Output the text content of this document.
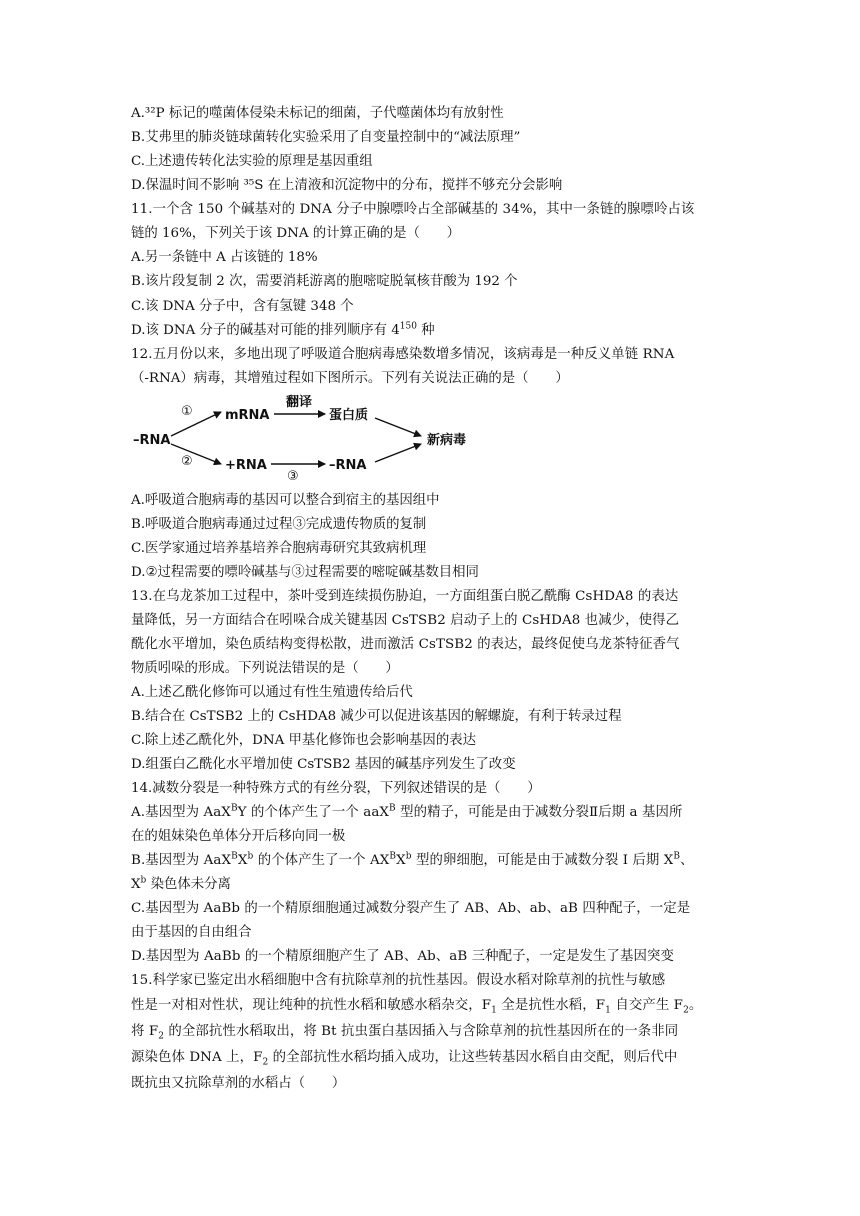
A.³²P 标记的噬菌体侵染未标记的细菌，子代噬菌体均有放射性
B.艾弗里的肺炎链球菌转化实验采用了自变量控制中的“减法原理”
C.上述遗传转化法实验的原理是基因重组
D.保温时间不影响 ³⁵S 在上清液和沉淀物中的分布，搅拌不够充分会影响
11.一个含 150 个碱基对的 DNA 分子中腺嘌呤占全部碱基的 34%，其中一条链的腺嘌呤占该
链的 16%，下列关于该 DNA 的计算正确的是（　　）
A.另一条链中 A 占该链的 18%
B.该片段复制 2 次，需要消耗游离的胞嘧啶脱氧核苷酸为 192 个
C.该 DNA 分子中，含有氢键 348 个
D.该 DNA 分子的碱基对可能的排列顺序有 $4^{150}$ 种
12.五月份以来，多地出现了呼吸道合胞病毒感染数增多情况，该病毒是一种反义单链 RNA
（-RNA）病毒，其增殖过程如下图所示。下列有关说法正确的是（　　）
–RNA
①
②
mRNA
翻译
蛋白质
+RNA
③
–RNA
新病毒
A.呼吸道合胞病毒的基因可以整合到宿主的基因组中
B.呼吸道合胞病毒通过过程③完成遗传物质的复制
C.医学家通过培养基培养合胞病毒研究其致病机理
D.②过程需要的嘌呤碱基与③过程需要的嘧啶碱基数目相同
13.在乌龙茶加工过程中，茶叶受到连续损伤胁迫，一方面组蛋白脱乙酰酶 CsHDA8 的表达
量降低，另一方面结合在吲哚合成关键基因 CsTSB2 启动子上的 CsHDA8 也减少，使得乙
酰化水平增加，染色质结构变得松散，进而激活 CsTSB2 的表达，最终促使乌龙茶特征香气
物质吲哚的形成。下列说法错误的是（　　）
A.上述乙酰化修饰可以通过有性生殖遗传给后代
B.结合在 CsTSB2 上的 CsHDA8 减少可以促进该基因的解螺旋，有利于转录过程
C.除上述乙酰化外，DNA 甲基化修饰也会影响基因的表达
D.组蛋白乙酰化水平增加使 CsTSB2 基因的碱基序列发生了改变
14.减数分裂是一种特殊方式的有丝分裂，下列叙述错误的是（　　）
A.基因型为 AaX$^B$Y 的个体产生了一个 aaX$^B$ 型的精子，可能是由于减数分裂Ⅱ后期 a 基因所
在的姐妹染色单体分开后移向同一极
B.基因型为 $AaX^BX^b$ 的个体产生了一个 $AX^BX^b$ 型的卵细胞，可能是由于减数分裂 I 后期 $X^B$、
$X^b$ 染色体未分离
C.基因型为 AaBb 的一个精原细胞通过减数分裂产生了 AB、Ab、ab、aB 四种配子，一定是
由于基因的自由组合
D.基因型为 AaBb 的一个精原细胞产生了 AB、Ab、aB 三种配子，一定是发生了基因突变
15.科学家已鉴定出水稻细胞中含有抗除草剂的抗性基因。假设水稻对除草剂的抗性与敏感
性是一对相对性状，现让纯种的抗性水稻和敏感水稻杂交，$F_1$ 全是抗性水稻，$F_1$ 自交产生 $F_2$。
将 $F_2$ 的全部抗性水稻取出，将 Bt 抗虫蛋白基因插入与含除草剂的抗性基因所在的一条非同
源染色体 DNA 上，$F_2$ 的全部抗性水稻均插入成功，让这些转基因水稻自由交配，则后代中
既抗虫又抗除草剂的水稻占（　　）
